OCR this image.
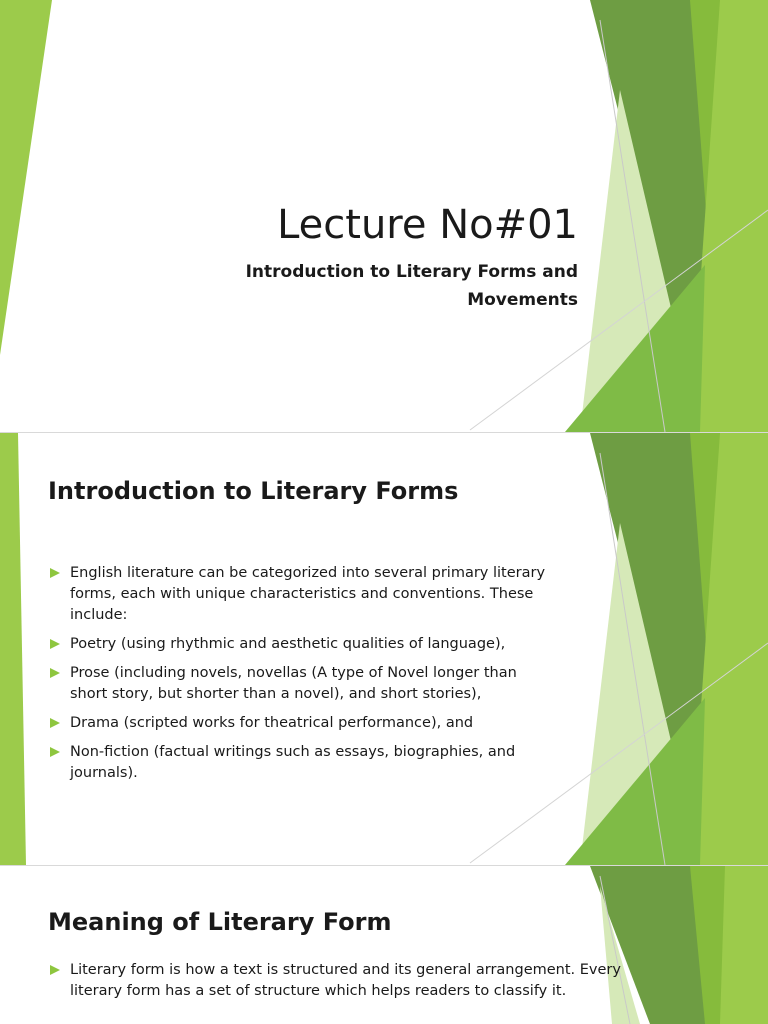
Lecture No#01

Introduction to Literary Forms and Movements

Introduction to Literary Forms
English literature can be categorized into several primary literary forms, each with unique characteristics and conventions. These include:
Poetry (using rhythmic and aesthetic qualities of language),
Prose (including novels, novellas (A type of Novel longer than short story, but shorter than a novel), and short stories),
Drama (scripted works for theatrical performance), and
Non-fiction (factual writings such as essays, biographies, and journals).
Meaning of Literary Form
Literary form is how a text is structured and its general arrangement. Every literary form has a set of structure which helps readers to classify it.
